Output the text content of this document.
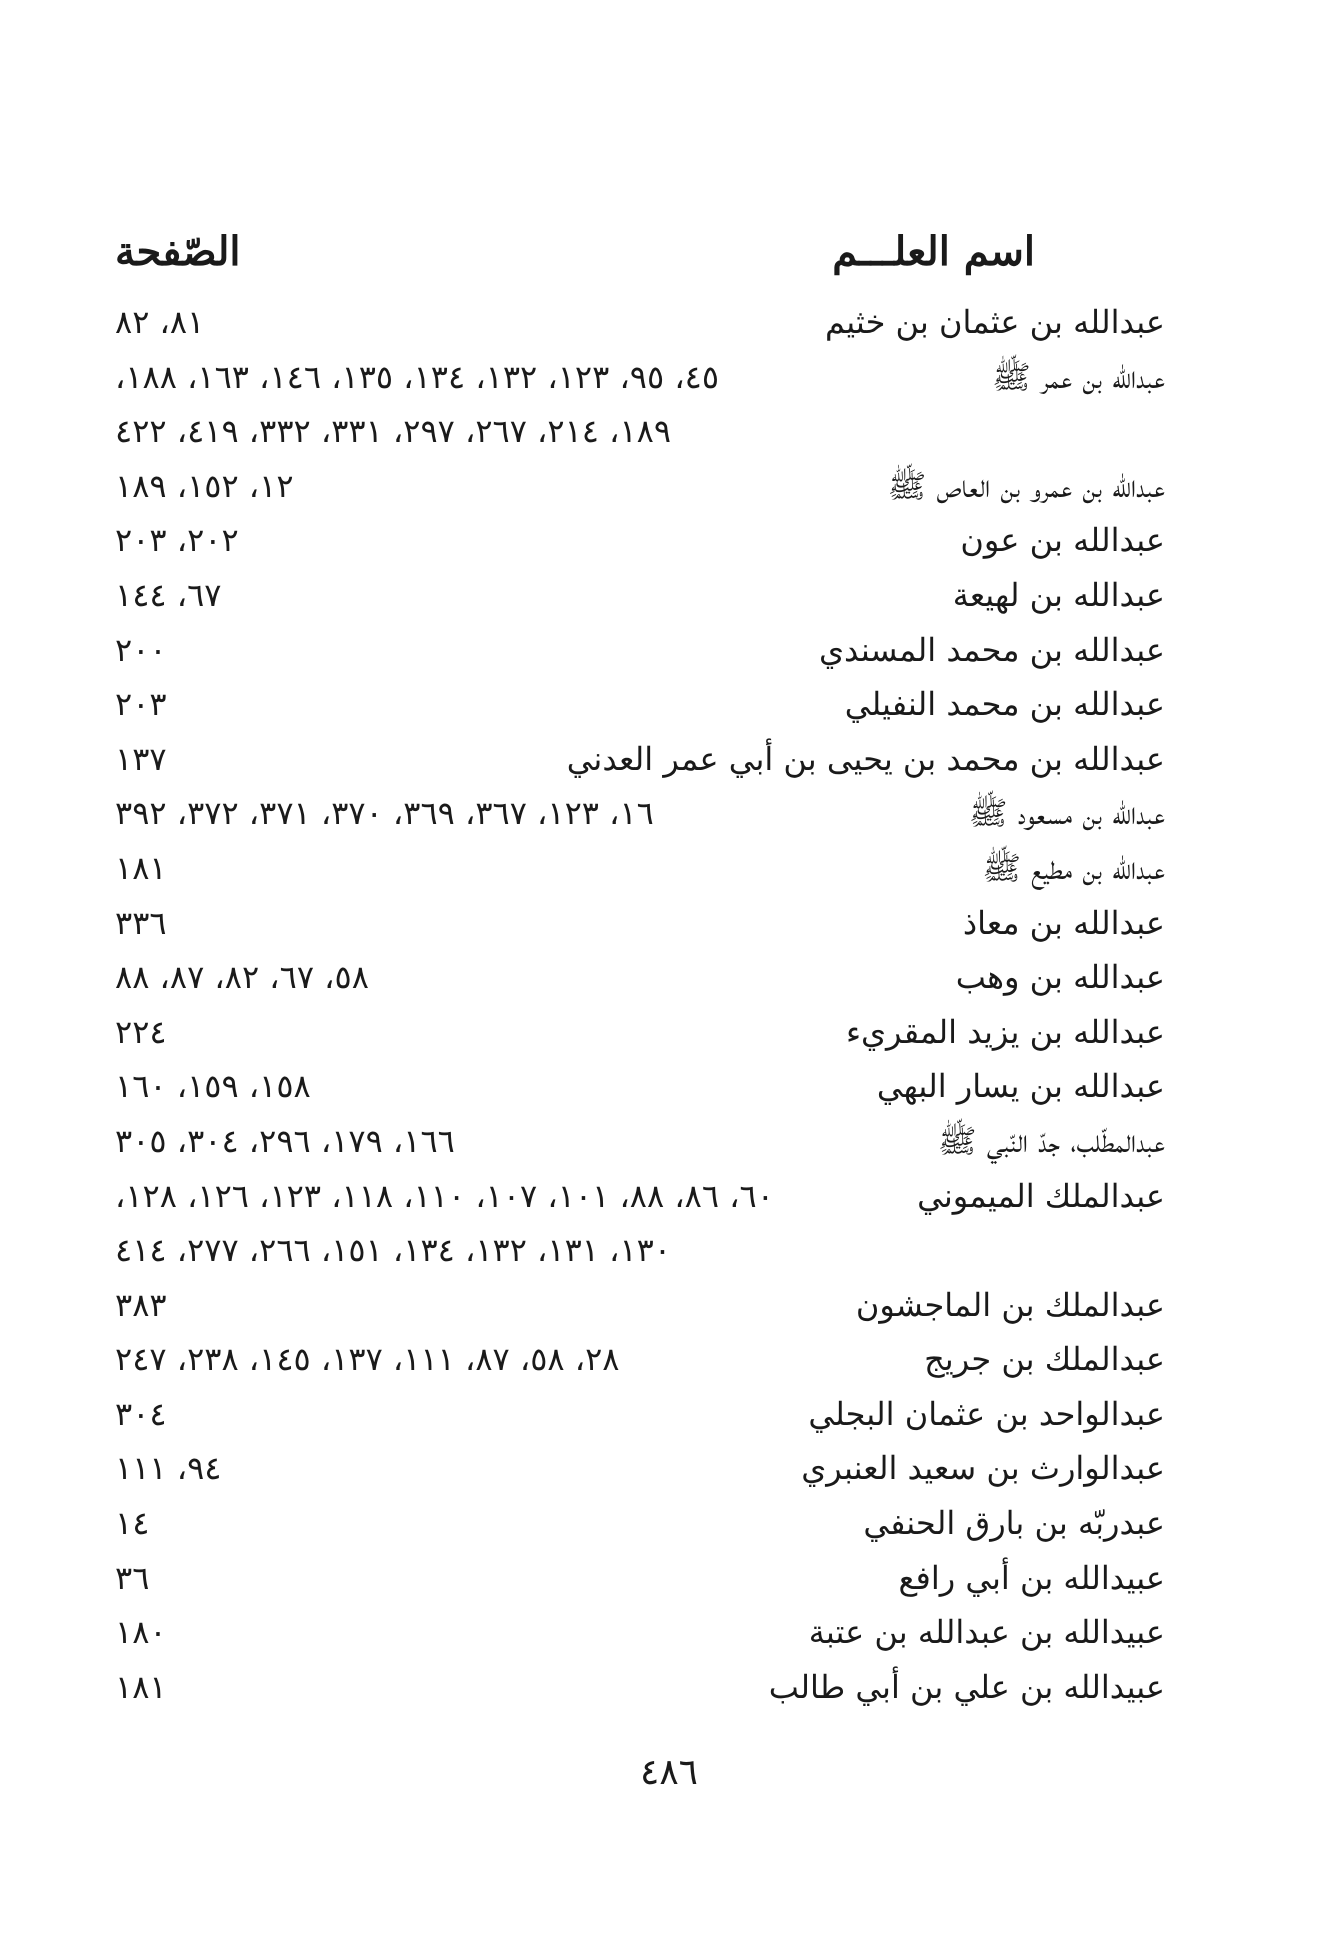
اسم العلـــم
الصّفحة
عبدالله بن عثمان بن خثيم
٨١، ٨٢
عبدالله بن عمر ﷺ
٤٥، ٩٥، ١٢٣، ١٣٢، ١٣٤، ١٣٥، ١٤٦، ١٦٣، ١٨٨،
١٨٩، ٢١٤، ٢٦٧، ٢٩٧، ٣٣١، ٣٣٢، ٤١٩، ٤٢٢
عبدالله بن عمرو بن العاص ﷺ
١٢، ١٥٢، ١٨٩
عبدالله بن عون
٢٠٢، ٢٠٣
عبدالله بن لهيعة
٦٧، ١٤٤
عبدالله بن محمد المسندي
٢٠٠
عبدالله بن محمد النفيلي
٢٠٣
عبدالله بن محمد بن يحيى بن أبي عمر العدني
١٣٧
عبدالله بن مسعود ﷺ
١٦، ١٢٣، ٣٦٧، ٣٦٩، ٣٧٠، ٣٧١، ٣٧٢، ٣٩٢
عبدالله بن مطيع ﷺ
١٨١
عبدالله بن معاذ
٣٣٦
عبدالله بن وهب
٥٨، ٦٧، ٨٢، ٨٧، ٨٨
عبدالله بن يزيد المقريء
٢٢٤
عبدالله بن يسار البهي
١٥٨، ١٥٩، ١٦٠
عبدالمطّلب، جدّ النّبي ﷺ
١٦٦، ١٧٩، ٢٩٦، ٣٠٤، ٣٠٥
عبدالملك الميموني
٦٠، ٨٦، ٨٨، ١٠١، ١٠٧، ١١٠، ١١٨، ١٢٣، ١٢٦، ١٢٨،
١٣٠، ١٣١، ١٣٢، ١٣٤، ١٥١، ٢٦٦، ٢٧٧، ٤١٤
عبدالملك بن الماجشون
٣٨٣
عبدالملك بن جريج
٢٨، ٥٨، ٨٧، ١١١، ١٣٧، ١٤٥، ٢٣٨، ٢٤٧
عبدالواحد بن عثمان البجلي
٣٠٤
عبدالوارث بن سعيد العنبري
٩٤، ١١١
عبدربّه بن بارق الحنفي
١٤
عبيدالله بن أبي رافع
٣٦
عبيدالله بن عبدالله بن عتبة
١٨٠
عبيدالله بن علي بن أبي طالب
١٨١
٤٨٦
